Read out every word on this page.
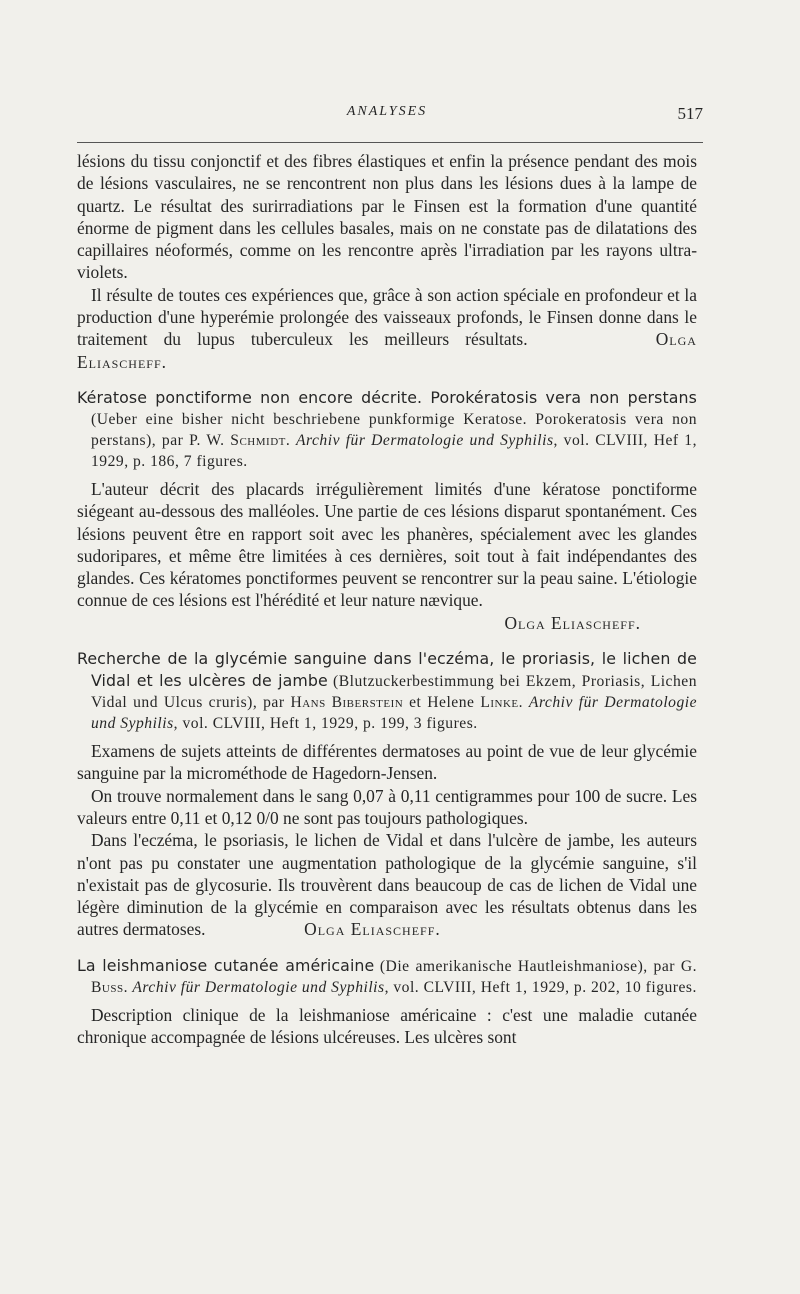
ANALYSES	517

lésions du tissu conjonctif et des fibres élastiques et enfin la présence pendant des mois de lésions vasculaires, ne se rencontrent non plus dans les lésions dues à la lampe de quartz. Le résultat des surirradiations par le Finsen est la formation d'une quantité énorme de pigment dans les cellules basales, mais on ne constate pas de dilatations des capillaires néoformés, comme on les rencontre après l'irradiation par les rayons ultra-violets.

Il résulte de toutes ces expériences que, grâce à son action spéciale en profondeur et la production d'une hyperémie prolongée des vaisseaux profonds, le Finsen donne dans le traitement du lupus tuberculeux les meilleurs résultats.	Olga Eliascheff.

Kératose ponctiforme non encore décrite. Porokératosis vera non perstans (Ueber eine bisher nicht beschriebene punkformige Keratose. Porokeratosis vera non perstans), par P. W. Schmidt. Archiv für Dermatologie und Syphilis, vol. CLVIII, Hef 1, 1929, p. 186, 7 figures.

L'auteur décrit des placards irrégulièrement limités d'une kératose ponctiforme siégeant au-dessous des malléoles. Une partie de ces lésions disparut spontanément. Ces lésions peuvent être en rapport soit avec les phanères, spécialement avec les glandes sudoripares, et même être limitées à ces dernières, soit tout à fait indépendantes des glandes. Ces kératomes ponctiformes peuvent se rencontrer sur la peau saine. L'étiologie connue de ces lésions est l'hérédité et leur nature nævique.

Olga Eliascheff.

Recherche de la glycémie sanguine dans l'eczéma, le proriasis, le lichen de Vidal et les ulcères de jambe (Blutzuckerbestimmung bei Ekzem, Proriasis, Lichen Vidal und Ulcus cruris), par Hans Biberstein et Helene Linke. Archiv für Dermatologie und Syphilis, vol. CLVIII, Heft 1, 1929, p. 199, 3 figures.

Examens de sujets atteints de différentes dermatoses au point de vue de leur glycémie sanguine par la microméthode de Hagedorn-Jensen.

On trouve normalement dans le sang 0,07 à 0,11 centigrammes pour 100 de sucre. Les valeurs entre 0,11 et 0,12 0/0 ne sont pas toujours pathologiques.

Dans l'eczéma, le psoriasis, le lichen de Vidal et dans l'ulcère de jambe, les auteurs n'ont pas pu constater une augmentation pathologique de la glycémie sanguine, s'il n'existait pas de glycosurie. Ils trouvèrent dans beaucoup de cas de lichen de Vidal une légère diminution de la glycémie en comparaison avec les résultats obtenus dans les autres dermatoses.	Olga Eliascheff.

La leishmaniose cutanée américaine (Die amerikanische Hautleishmaniose), par G. Buss. Archiv für Dermatologie und Syphilis, vol. CLVIII, Heft 1, 1929, p. 202, 10 figures.

Description clinique de la leishmaniose américaine : c'est une maladie cutanée chronique accompagnée de lésions ulcéreuses. Les ulcères sont
